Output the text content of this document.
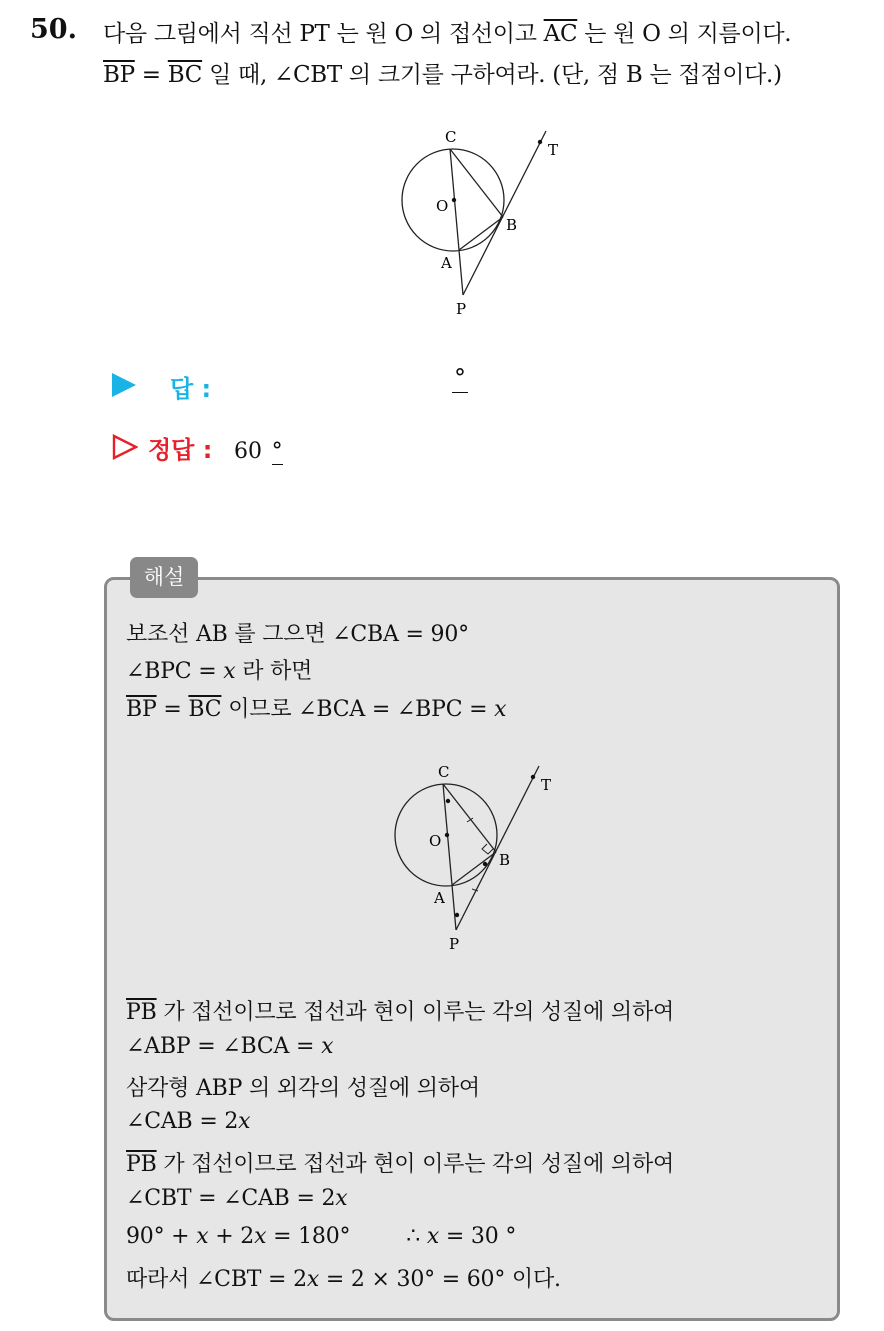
50. 다음 그림에서 직선 PT 는 원 O 의 접선이고 $\overline{AC}$ 는 원 O 의 지름이다.
$\overline{BP} = \overline{BC}$ 일 때, ∠CBT 의 크기를 구하여라. (단, 점 B 는 접점이다.)
C
T
O
B
A
P
답 :	°
정답 : 60 °
해설
보조선 AB 를 그으면 ∠CBA = 90°
∠BPC = x 라 하면
$\overline{BP} = \overline{BC}$ 이므로 ∠BCA = ∠BPC = x
C
T
O
B
A
P
$\overline{PB}$ 가 접선이므로 접선과 현이 이루는 각의 성질에 의하여
∠ABP = ∠BCA = x
삼각형 ABP 의 외각의 성질에 의하여
∠CAB = 2x
$\overline{PB}$ 가 접선이므로 접선과 현이 이루는 각의 성질에 의하여
∠CBT = ∠CAB = 2x
90° + x + 2x = 180°	∴ x = 30 °
따라서 ∠CBT = 2x = 2 × 30° = 60° 이다.
